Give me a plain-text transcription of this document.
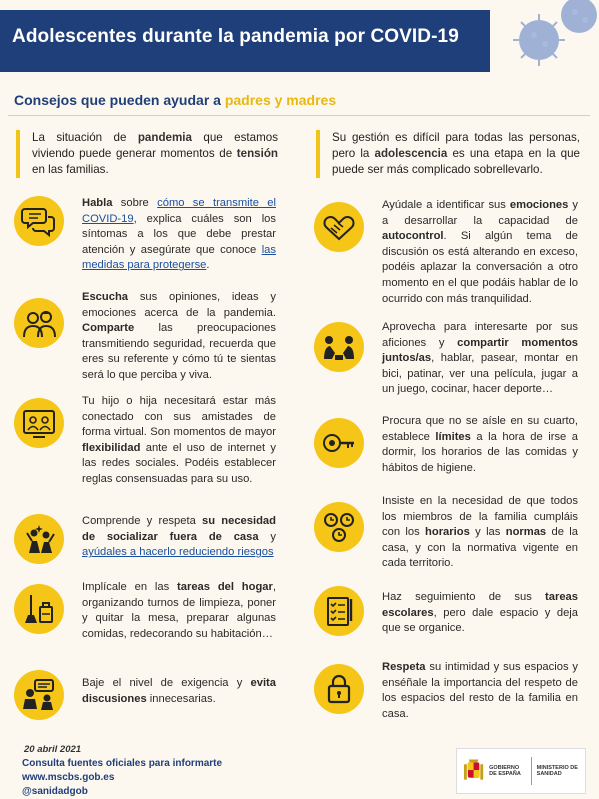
Adolescentes durante la pandemia por COVID-19
Consejos que pueden ayudar a padres y madres
La situación de pandemia que estamos viviendo puede generar momentos de tensión en las familias.
Su gestión es difícil para todas las personas, pero la adolescencia es una etapa en la que puede ser más complicado sobrellevarlo.
Habla sobre cómo se transmite el COVID-19, explica cuáles son los síntomas a los que debe prestar atención y asegúrate que conoce las medidas para protegerse.
Escucha sus opiniones, ideas y emociones acerca de la pandemia. Comparte las preocupaciones transmitiendo seguridad, recuerda que eres su referente y cómo tú te sientas será lo que perciba y viva.
Tu hijo o hija necesitará estar más conectado con sus amistades de forma virtual. Son momentos de mayor flexibilidad ante el uso de internet y las redes sociales. Podéis establecer reglas consensuadas para su uso.
Comprende y respeta su necesidad de socializar fuera de casa y ayúdales a hacerlo reduciendo riesgos
Implícale en las tareas del hogar, organizando turnos de limpieza, poner y quitar la mesa, preparar algunas comidas, redecorando su habitación…
Baje el nivel de exigencia y evita discusiones innecesarias.
Ayúdale a identificar sus emociones y a desarrollar la capacidad de autocontrol. Si algún tema de discusión os está alterando en exceso, podéis aplazar la conversación a otro momento en el que podáis hablar de lo ocurrido con más tranquilidad.
Aprovecha para interesarte por sus aficiones y compartir momentos juntos/as, hablar, pasear, montar en bici, patinar, ver una película, jugar a un juego, cocinar, hacer deporte…
Procura que no se aísle en su cuarto, establece límites a la hora de irse a dormir, los horarios de las comidas y hábitos de higiene.
Insiste en la necesidad de que todos los miembros de la familia cumpláis con los horarios y las normas de la casa, y con la normativa vigente en cada territorio.
Haz seguimiento de sus tareas escolares, pero dale espacio y deja que se organice.
Respeta su intimidad y sus espacios y enséñale la importancia del respeto de los espacios del resto de la familia en casa.
20 abril 2021
Consulta fuentes oficiales para informarte
www.mscbs.gob.es
@sanidadgob
GOBIERNO DE ESPAÑA
MINISTERIO DE SANIDAD
